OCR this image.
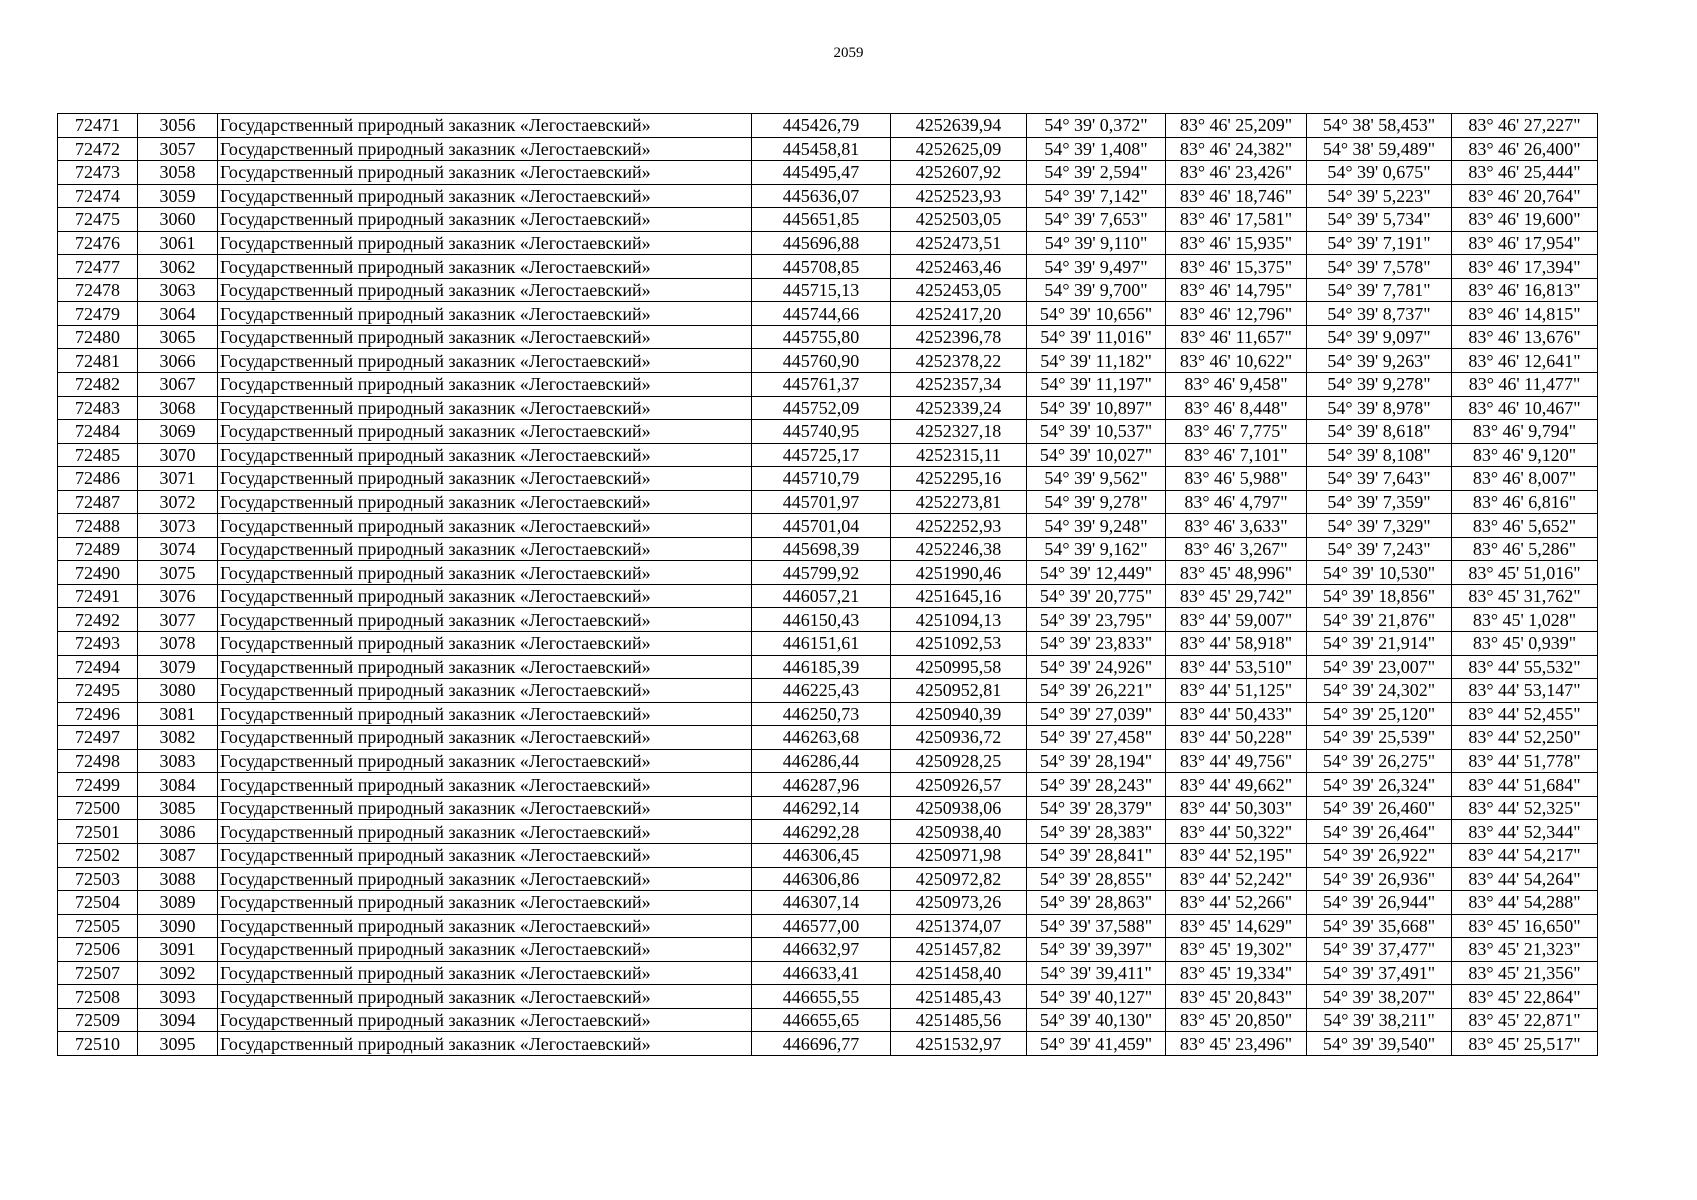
2059
72471	3056	Государственный природный заказник «Легостаевский»	445426,79	4252639,94	54° 39' 0,372"	83° 46' 25,209"	54° 38' 58,453"	83° 46' 27,227"
72472	3057	Государственный природный заказник «Легостаевский»	445458,81	4252625,09	54° 39' 1,408"	83° 46' 24,382"	54° 38' 59,489"	83° 46' 26,400"
72473	3058	Государственный природный заказник «Легостаевский»	445495,47	4252607,92	54° 39' 2,594"	83° 46' 23,426"	54° 39' 0,675"	83° 46' 25,444"
72474	3059	Государственный природный заказник «Легостаевский»	445636,07	4252523,93	54° 39' 7,142"	83° 46' 18,746"	54° 39' 5,223"	83° 46' 20,764"
72475	3060	Государственный природный заказник «Легостаевский»	445651,85	4252503,05	54° 39' 7,653"	83° 46' 17,581"	54° 39' 5,734"	83° 46' 19,600"
72476	3061	Государственный природный заказник «Легостаевский»	445696,88	4252473,51	54° 39' 9,110"	83° 46' 15,935"	54° 39' 7,191"	83° 46' 17,954"
72477	3062	Государственный природный заказник «Легостаевский»	445708,85	4252463,46	54° 39' 9,497"	83° 46' 15,375"	54° 39' 7,578"	83° 46' 17,394"
72478	3063	Государственный природный заказник «Легостаевский»	445715,13	4252453,05	54° 39' 9,700"	83° 46' 14,795"	54° 39' 7,781"	83° 46' 16,813"
72479	3064	Государственный природный заказник «Легостаевский»	445744,66	4252417,20	54° 39' 10,656"	83° 46' 12,796"	54° 39' 8,737"	83° 46' 14,815"
72480	3065	Государственный природный заказник «Легостаевский»	445755,80	4252396,78	54° 39' 11,016"	83° 46' 11,657"	54° 39' 9,097"	83° 46' 13,676"
72481	3066	Государственный природный заказник «Легостаевский»	445760,90	4252378,22	54° 39' 11,182"	83° 46' 10,622"	54° 39' 9,263"	83° 46' 12,641"
72482	3067	Государственный природный заказник «Легостаевский»	445761,37	4252357,34	54° 39' 11,197"	83° 46' 9,458"	54° 39' 9,278"	83° 46' 11,477"
72483	3068	Государственный природный заказник «Легостаевский»	445752,09	4252339,24	54° 39' 10,897"	83° 46' 8,448"	54° 39' 8,978"	83° 46' 10,467"
72484	3069	Государственный природный заказник «Легостаевский»	445740,95	4252327,18	54° 39' 10,537"	83° 46' 7,775"	54° 39' 8,618"	83° 46' 9,794"
72485	3070	Государственный природный заказник «Легостаевский»	445725,17	4252315,11	54° 39' 10,027"	83° 46' 7,101"	54° 39' 8,108"	83° 46' 9,120"
72486	3071	Государственный природный заказник «Легостаевский»	445710,79	4252295,16	54° 39' 9,562"	83° 46' 5,988"	54° 39' 7,643"	83° 46' 8,007"
72487	3072	Государственный природный заказник «Легостаевский»	445701,97	4252273,81	54° 39' 9,278"	83° 46' 4,797"	54° 39' 7,359"	83° 46' 6,816"
72488	3073	Государственный природный заказник «Легостаевский»	445701,04	4252252,93	54° 39' 9,248"	83° 46' 3,633"	54° 39' 7,329"	83° 46' 5,652"
72489	3074	Государственный природный заказник «Легостаевский»	445698,39	4252246,38	54° 39' 9,162"	83° 46' 3,267"	54° 39' 7,243"	83° 46' 5,286"
72490	3075	Государственный природный заказник «Легостаевский»	445799,92	4251990,46	54° 39' 12,449"	83° 45' 48,996"	54° 39' 10,530"	83° 45' 51,016"
72491	3076	Государственный природный заказник «Легостаевский»	446057,21	4251645,16	54° 39' 20,775"	83° 45' 29,742"	54° 39' 18,856"	83° 45' 31,762"
72492	3077	Государственный природный заказник «Легостаевский»	446150,43	4251094,13	54° 39' 23,795"	83° 44' 59,007"	54° 39' 21,876"	83° 45' 1,028"
72493	3078	Государственный природный заказник «Легостаевский»	446151,61	4251092,53	54° 39' 23,833"	83° 44' 58,918"	54° 39' 21,914"	83° 45' 0,939"
72494	3079	Государственный природный заказник «Легостаевский»	446185,39	4250995,58	54° 39' 24,926"	83° 44' 53,510"	54° 39' 23,007"	83° 44' 55,532"
72495	3080	Государственный природный заказник «Легостаевский»	446225,43	4250952,81	54° 39' 26,221"	83° 44' 51,125"	54° 39' 24,302"	83° 44' 53,147"
72496	3081	Государственный природный заказник «Легостаевский»	446250,73	4250940,39	54° 39' 27,039"	83° 44' 50,433"	54° 39' 25,120"	83° 44' 52,455"
72497	3082	Государственный природный заказник «Легостаевский»	446263,68	4250936,72	54° 39' 27,458"	83° 44' 50,228"	54° 39' 25,539"	83° 44' 52,250"
72498	3083	Государственный природный заказник «Легостаевский»	446286,44	4250928,25	54° 39' 28,194"	83° 44' 49,756"	54° 39' 26,275"	83° 44' 51,778"
72499	3084	Государственный природный заказник «Легостаевский»	446287,96	4250926,57	54° 39' 28,243"	83° 44' 49,662"	54° 39' 26,324"	83° 44' 51,684"
72500	3085	Государственный природный заказник «Легостаевский»	446292,14	4250938,06	54° 39' 28,379"	83° 44' 50,303"	54° 39' 26,460"	83° 44' 52,325"
72501	3086	Государственный природный заказник «Легостаевский»	446292,28	4250938,40	54° 39' 28,383"	83° 44' 50,322"	54° 39' 26,464"	83° 44' 52,344"
72502	3087	Государственный природный заказник «Легостаевский»	446306,45	4250971,98	54° 39' 28,841"	83° 44' 52,195"	54° 39' 26,922"	83° 44' 54,217"
72503	3088	Государственный природный заказник «Легостаевский»	446306,86	4250972,82	54° 39' 28,855"	83° 44' 52,242"	54° 39' 26,936"	83° 44' 54,264"
72504	3089	Государственный природный заказник «Легостаевский»	446307,14	4250973,26	54° 39' 28,863"	83° 44' 52,266"	54° 39' 26,944"	83° 44' 54,288"
72505	3090	Государственный природный заказник «Легостаевский»	446577,00	4251374,07	54° 39' 37,588"	83° 45' 14,629"	54° 39' 35,668"	83° 45' 16,650"
72506	3091	Государственный природный заказник «Легостаевский»	446632,97	4251457,82	54° 39' 39,397"	83° 45' 19,302"	54° 39' 37,477"	83° 45' 21,323"
72507	3092	Государственный природный заказник «Легостаевский»	446633,41	4251458,40	54° 39' 39,411"	83° 45' 19,334"	54° 39' 37,491"	83° 45' 21,356"
72508	3093	Государственный природный заказник «Легостаевский»	446655,55	4251485,43	54° 39' 40,127"	83° 45' 20,843"	54° 39' 38,207"	83° 45' 22,864"
72509	3094	Государственный природный заказник «Легостаевский»	446655,65	4251485,56	54° 39' 40,130"	83° 45' 20,850"	54° 39' 38,211"	83° 45' 22,871"
72510	3095	Государственный природный заказник «Легостаевский»	446696,77	4251532,97	54° 39' 41,459"	83° 45' 23,496"	54° 39' 39,540"	83° 45' 25,517"
